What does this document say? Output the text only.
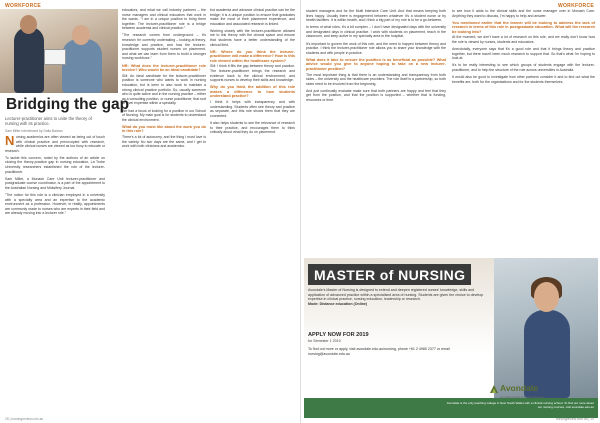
WORKFORCE
Bridging the gap
Lecturer-practitioner aims to unite the theory of nursing with its practice.
Sam Miller interviewed by Dalia Badran

Nursing academics are often viewed as being out of touch with clinical practice and preoccupied with research, while clinical nurses are viewed as too busy to educate or research.

To tackle this concern, noted by the authors of an article on closing the theory-practice gap in nursing education, La Trobe University researchers established the role of the lecturer-practitioner.

Sam Miller, a Monash Care Unit lecturer-practitioner and postgraduate course coordinator, is a part of the appointment to the Australian Nursing and Midwifery Journal.

"The notion for this role is a clinician employed in a university with a specialty area and an expertise to the academic environment as a profession. However, in reality, appointments are commonly made to nurses who are experts in their field and are already moving into a lecturer role."

educators, and what we call industry partners – the nurse managers and clinical educators that work in the wards. "I am in a unique position to bring them together. The lecturer-practitioner role is a bridge between academia and clinical practice."

"The research comes from underground – it's research I'm currently undertaking – looking at theory, knowledge and practice, and how the lecturer-practitioner supports student nurses on placement, and what we can learn from them to build a stronger nursing workforce."

NR: What does the lecturer-practitioner role involve? Who would be an ideal candidate?

SM: An ideal candidate for the lecturer-practitioner position is someone who wants to work in nursing education, but is keen to also work to maintain a strong clinical practice portfolio. So, usually someone who is quite active and in the nursing practice – either as a consulting position, or nurse practitioner, that sort of level expertise within a specialty.

We had a focus of looking for a position in our School of Nursing. My main goal is for students to understand the clinical environment.

What do you most like about the work you do in this role?

There's a lot of autonomy, and the thing I most love is the variety. No two days are the same, and I get to work with both clinicians and academics.

but academia and advance clinical practice can be the bridge; it is a unique position to ensure that graduates make the most of their placement experience, and education and associated research is linked.

Working closely with the lecturer-practitioner allowed me to link theory with the clinical space and ensure that students have a better understanding of the clinical field.

NR: Where do you think the lecturer-practitioner will make a difference? How is this role viewed within the healthcare system?

SM: I think it fills the gap between theory and practice. The lecturer-practitioner brings the research and evidence back to the clinical environment, and supports nurses to develop their skills and knowledge.

Why do you think the addition of this role makes a difference to how students understand practice?

I think it helps with transparency and with understanding. Students often see theory and practice as separate, and this role shows them that they are connected.

It also helps students to see the relevance of research to their practice, and encourages them to think critically about what they do on placement.

28 | nursingreview.com.au
WORKFORCE

student managers and for the Multi Intensive Care Unit. And that means keeping both lines happy. Usually there is engagement between whatever it's a student nurse or by health facilities. It is within health, and I think a big part of my role is to be a go-between.

In terms of what roles, it's a bit complex – I don't have designated days with the university and designated days in clinical practice. I work with students on placement, teach in the classroom, and keep active in my specialty area in the hospital.

It's important to govern the work of this role, and the need to happen between theory and practice. I think the lecturer-practitioner role allows you to share your knowledge with the students and with people in practice.

What does it take to ensure the position is as beneficial as possible? What advice would you give to anyone hoping to take on a new lecturer-practitioner position?

The most important thing is that there is an understanding and transparency from both sides – the university and the healthcare providers. The role itself is a partnership, so both sides need to be involved from the beginning.

And just continually evaluate make sure that both partners are happy and feel that they get from the position, and that the position is supported – whether that is funding, resources or time.

to see how it adds to the clinical skills and the nurse manager over in Monash Care. Anything they want to discuss, I'm happy to help and answer.

You mentioned earlier that the learner will be looking to address the lack of research in terms of this role in postgraduate education. What will the research be looking into?

At the moment, we don't have a lot of research on this role, and we really don't know how the role is viewed by nurses, students and educators.

Anecdotally, everyone says that it's a good role and that it brings theory and practice together, but there hasn't been much research to support that. So that's what I'm hoping to look at.

It's to be really interesting to see which groups of students engage with the lecturer-practitioner, and to help the structure of the role across universities in Australia.

It would also be good to investigate how other partners consider it and to find out what the benefits are, both for the organisations and for the students themselves.

MASTER of NURSING
Avondale's Master of Nursing is designed to extend and deepen registered nurses' knowledge, skills and application of advanced practice within a specialised area of nursing. Students are given the choice to develop expertise in clinical practice, nursing education, leadership or research.
Mode: Distance education (Online)
APPLY NOW FOR 2019
for Semester 1 2019
To find out more or apply, visit avondale.edu.au/nursing, phone +61 2 4980 2377 or email nursing@avondale.edu.au
Avondale
Avondale is the only teaching college in New South Wales with a clinical nursing school. To find out more about our nursing courses, visit avondale.edu.au
nursingreview.com.au | 29
